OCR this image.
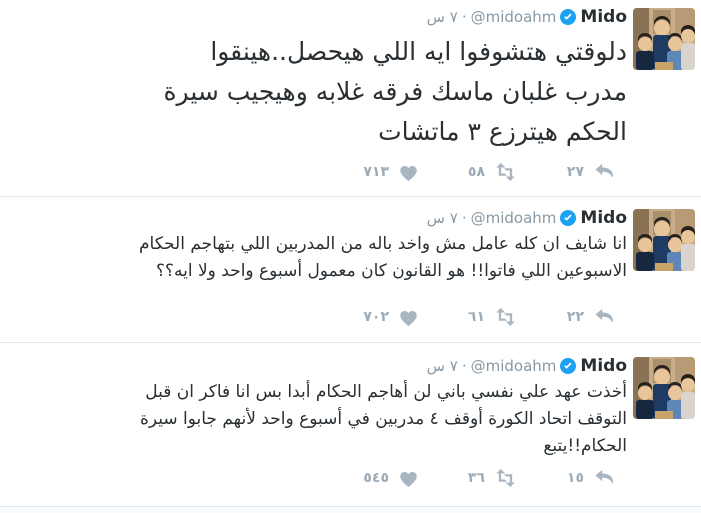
Mido
@midoahm
·
٧ س
دلوقتي هتشوفوا ايه اللي هيحصل..هينقوا
مدرب غلبان ماسك فرقه غلابه وهيجيب سيرة
الحكم هيترزع ٣ ماتشات
٢٧
٥٨
٧١٣
Mido
@midoahm
·
٧ س
انا شايف ان كله عامل مش واخد باله من المدربين اللي بتهاجم الحكام
الاسبوعين اللي فاتوا!! هو القانون كان معمول أسبوع واحد ولا ايه؟؟
٢٢
٦١
٧٠٢
Mido
@midoahm
·
٧ س
أخذت عهد علي نفسي باني لن أهاجم الحكام أبدا بس انا فاكر ان قبل
التوقف اتحاد الكورة أوقف ٤ مدربين في أسبوع واحد لأنهم جابوا سيرة
الحكام!!يتبع
١٥
٣٦
٥٤٥
